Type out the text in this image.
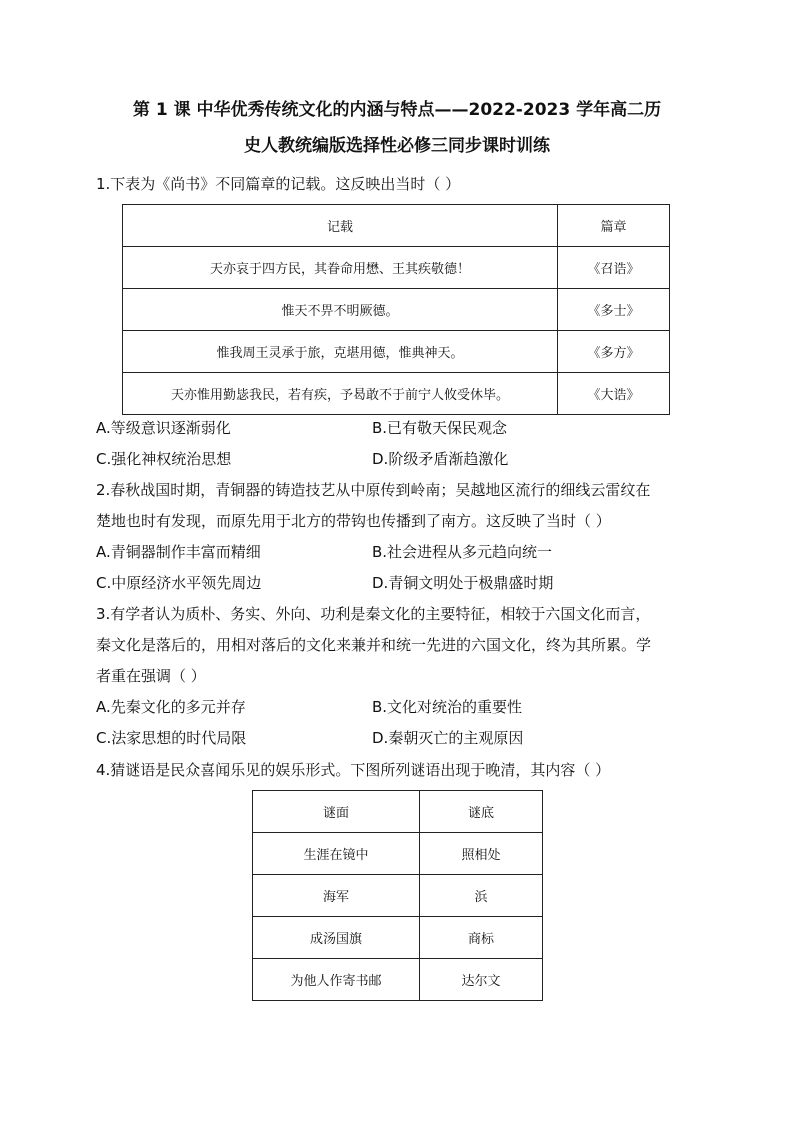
第 1 课 中华优秀传统文化的内涵与特点——2022-2023 学年高二历
史人教统编版选择性必修三同步课时训练
1.下表为《尚书》不同篇章的记载。这反映出当时（ ）
记载	篇章
天亦哀于四方民，其眷命用懋、王其疾敬德！	《召诰》
惟天不畀不明厥德。	《多士》
惟我周王灵承于旅，克堪用德，惟典神天。	《多方》
天亦惟用勤毖我民，若有疾，予曷敢不于前宁人攸受休毕。	《大诰》
A.等级意识逐渐弱化	B.已有敬天保民观念
C.强化神权统治思想	D.阶级矛盾渐趋激化
2.春秋战国时期，青铜器的铸造技艺从中原传到岭南；吴越地区流行的细线云雷纹在
楚地也时有发现，而原先用于北方的带钩也传播到了南方。这反映了当时（ ）
A.青铜器制作丰富而精细	B.社会进程从多元趋向统一
C.中原经济水平领先周边	D.青铜文明处于极鼎盛时期
3.有学者认为质朴、务实、外向、功利是秦文化的主要特征，相较于六国文化而言，
秦文化是落后的，用相对落后的文化来兼并和统一先进的六国文化，终为其所累。学
者重在强调（ ）
A.先秦文化的多元并存	B.文化对统治的重要性
C.法家思想的时代局限	D.秦朝灭亡的主观原因
4.猜谜语是民众喜闻乐见的娱乐形式。下图所列谜语出现于晚清，其内容（ ）
谜面	谜底
生涯在镜中	照相处
海军	浜
成汤国旗	商标
为他人作寄书邮	达尔文
